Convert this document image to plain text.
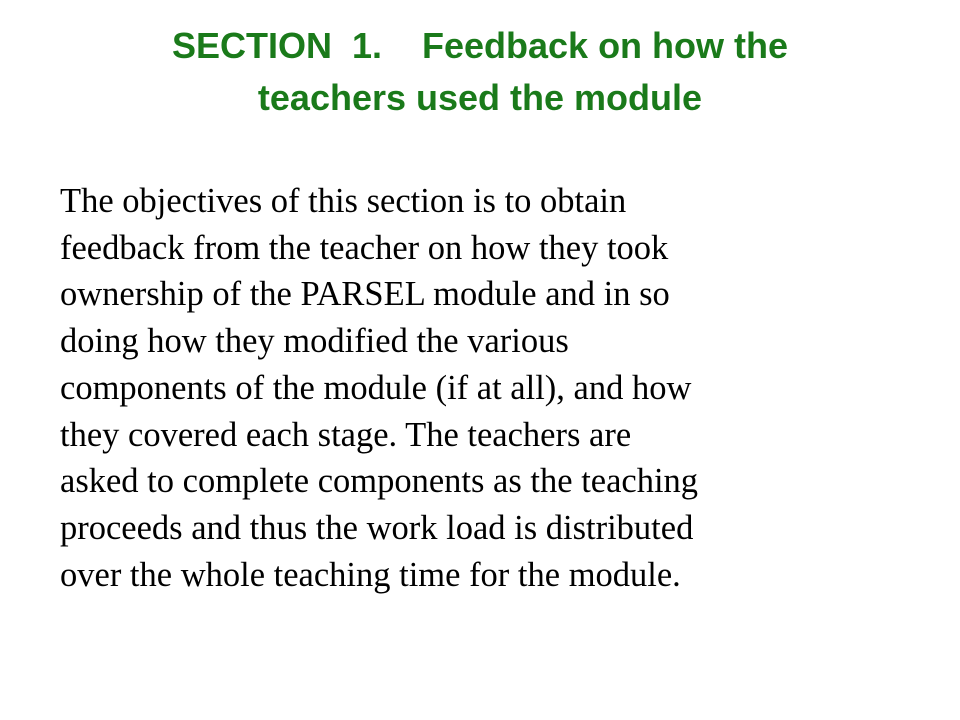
SECTION  1.    Feedback on how the
teachers used the module

The objectives of this section is to obtain
feedback from the teacher on how they took
ownership of the PARSEL module and in so
doing how they modified the various
components of the module (if at all), and how
they covered each stage. The teachers are
asked to complete components as the teaching
proceeds and thus the work load is distributed
over the whole teaching time for the module.
